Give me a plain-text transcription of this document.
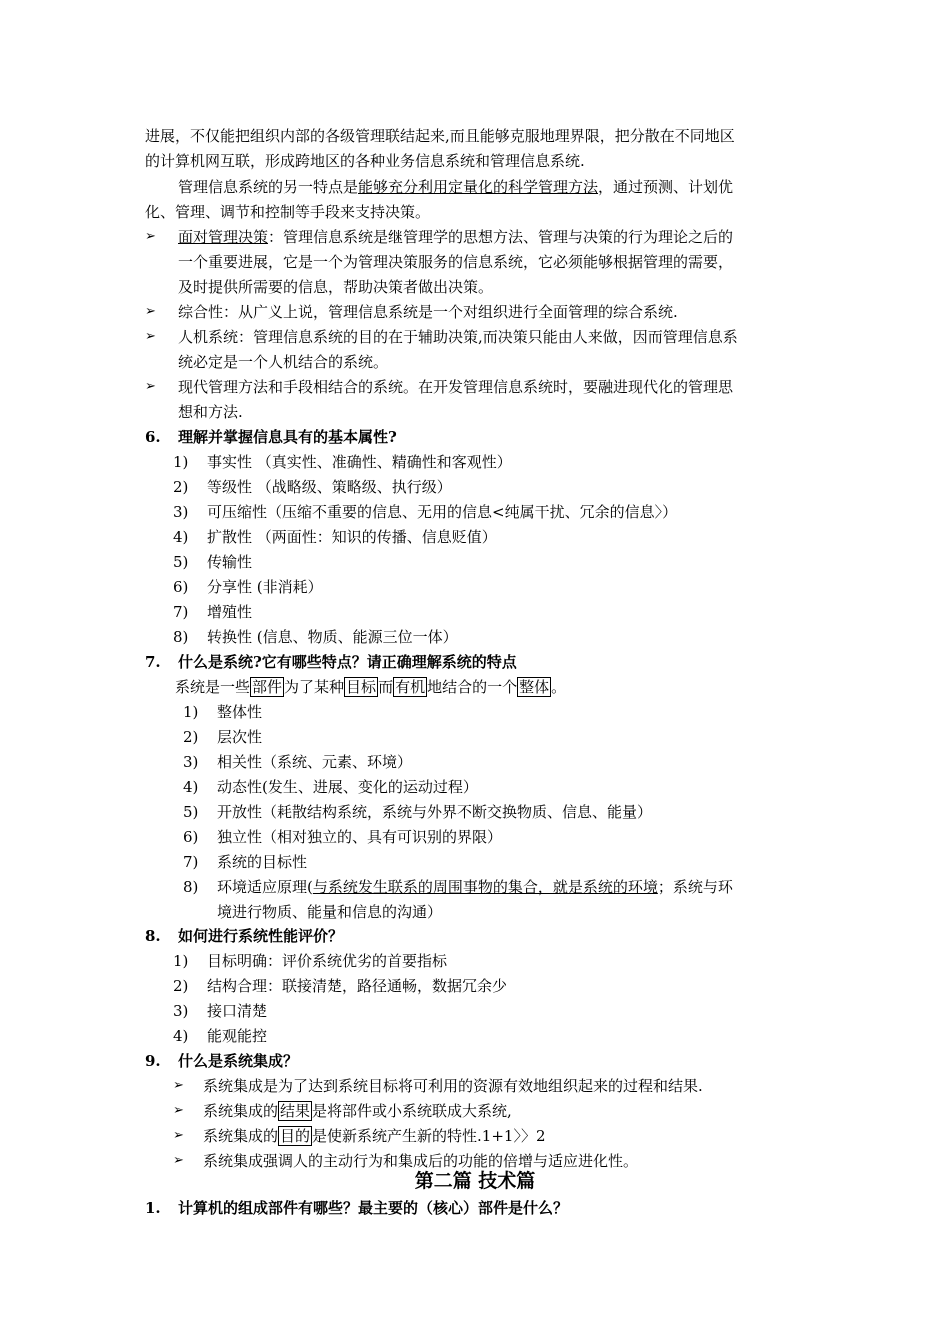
进展，不仅能把组织内部的各级管理联结起来,而且能够克服地理界限，把分散在不同地区
的计算机网互联，形成跨地区的各种业务信息系统和管理信息系统.
管理信息系统的另一特点是能够充分利用定量化的科学管理方法，通过预测、计划优
化、管理、调节和控制等手段来支持决策。
➢ 面对管理决策：管理信息系统是继管理学的思想方法、管理与决策的行为理论之后的
一个重要进展，它是一个为管理决策服务的信息系统，它必须能够根据管理的需要，
及时提供所需要的信息，帮助决策者做出决策。
➢ 综合性：从广义上说，管理信息系统是一个对组织进行全面管理的综合系统.
➢ 人机系统：管理信息系统的目的在于辅助决策,而决策只能由人来做，因而管理信息系
统必定是一个人机结合的系统。
➢ 现代管理方法和手段相结合的系统。在开发管理信息系统时，要融进现代化的管理思
想和方法.
6. 理解并掌握信息具有的基本属性?
1) 事实性 （真实性、准确性、精确性和客观性）
2) 等级性 （战略级、策略级、执行级）
3) 可压缩性（压缩不重要的信息、无用的信息<纯属干扰、冗余的信息〉）
4) 扩散性 （两面性：知识的传播、信息贬值）
5) 传输性
6) 分享性 (非消耗）
7) 增殖性
8) 转换性 (信息、物质、能源三位一体）
7. 什么是系统?它有哪些特点？请正确理解系统的特点
系统是一些 部件 为了某种 目标 而 有机 地结合的一个 整体 。
1) 整体性
2) 层次性
3) 相关性（系统、元素、环境）
4) 动态性(发生、进展、变化的运动过程）
5) 开放性（耗散结构系统，系统与外界不断交换物质、信息、能量）
6) 独立性（相对独立的、具有可识别的界限）
7) 系统的目标性
8) 环境适应原理(与系统发生联系的周围事物的集合，就是系统的环境；系统与环
境进行物质、能量和信息的沟通）
8. 如何进行系统性能评价？
1) 目标明确：评价系统优劣的首要指标
2) 结构合理：联接清楚，路径通畅，数据冗余少
3) 接口清楚
4) 能观能控
9. 什么是系统集成？
➢ 系统集成是为了达到系统目标将可利用的资源有效地组织起来的过程和结果.
➢ 系统集成的 结果 是将部件或小系统联成大系统,
➢ 系统集成的 目的 是使新系统产生新的特性.1+1〉〉2
➢ 系统集成强调人的主动行为和集成后的功能的倍增与适应进化性。
第二篇 技术篇
1. 计算机的组成部件有哪些？最主要的（核心）部件是什么？
